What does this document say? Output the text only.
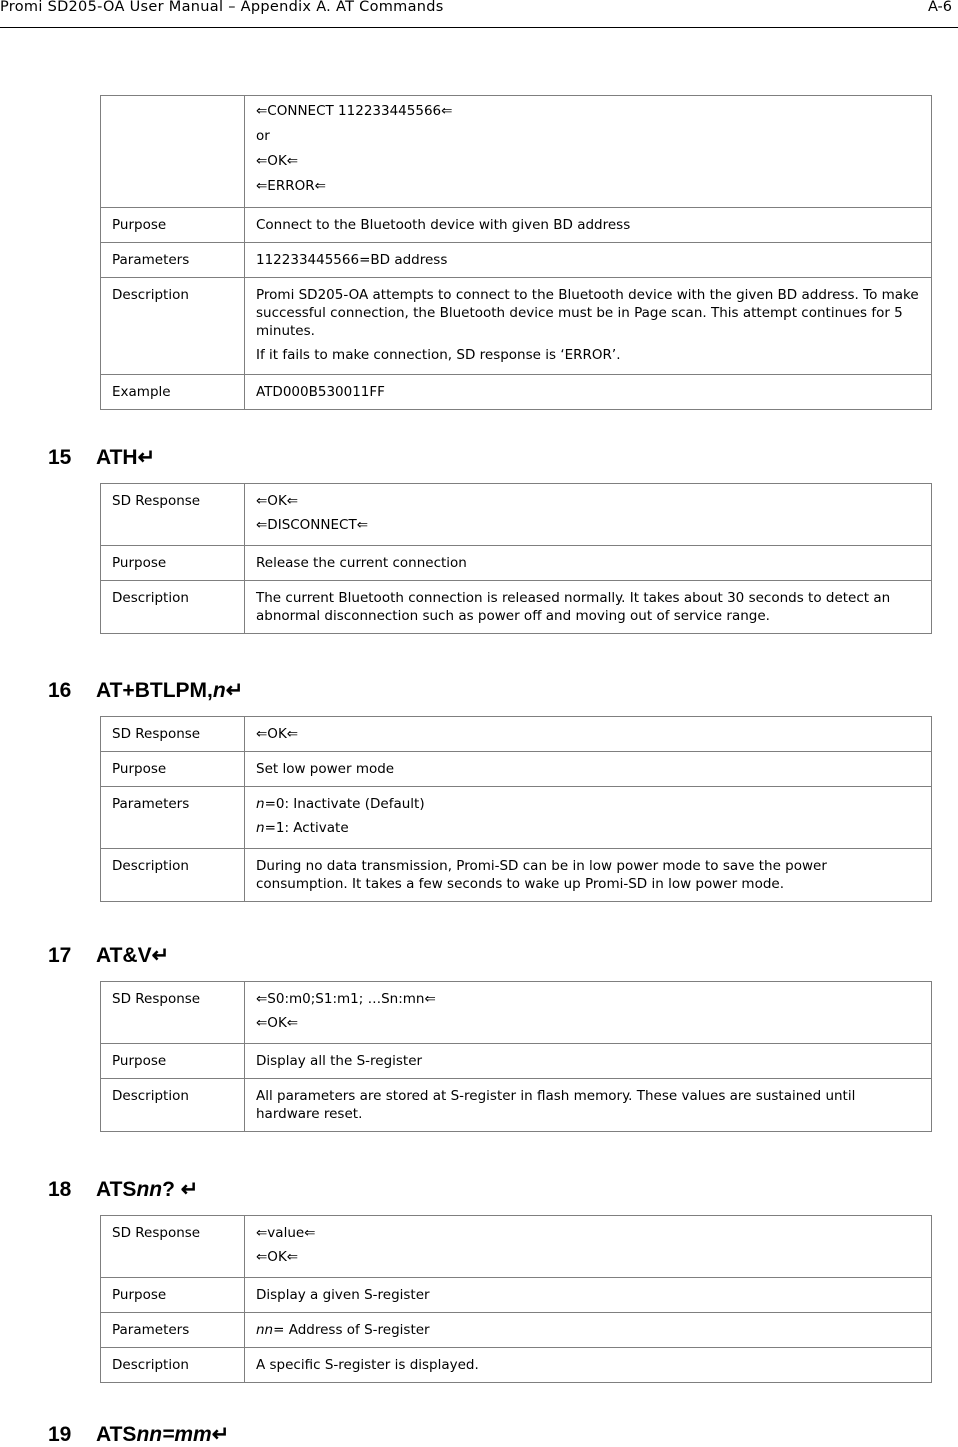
Promi SD205-OA User Manual – Appendix A. AT Commands	A-6

	⇐CONNECT 112233445566⇐
or
⇐OK⇐
⇐ERROR⇐

Purpose	Connect to the Bluetooth device with given BD address
Parameters	112233445566=BD address
Description	Promi SD205-OA attempts to connect to the Bluetooth device with the given BD address. To make successful connection, the Bluetooth device must be in Page scan. This attempt continues for 5 minutes.

If it fails to make connection, SD response is ‘ERROR’.

Example	ATD000B530011FF
15 ATH↵
SD Response	⇐OK⇐
⇐DISCONNECT⇐

Purpose	Release the current connection
Description	The current Bluetooth connection is released normally. It takes about 30 seconds to detect an abnormal disconnection such as power off and moving out of service range.
16 AT+BTLPM,n↵
SD Response	⇐OK⇐
Purpose	Set low power mode
Parameters	n=0: Inactivate (Default)
n=1: Activate

Description	During no data transmission, Promi-SD can be in low power mode to save the power consumption. It takes a few seconds to wake up Promi-SD in low power mode.
17 AT&V↵
SD Response	⇐S0:m0;S1:m1; …Sn:mn⇐
⇐OK⇐

Purpose	Display all the S-register
Description	All parameters are stored at S-register in flash memory. These values are sustained until hardware reset.
18 ATSnn? ↵
SD Response	⇐value⇐
⇐OK⇐

Purpose	Display a given S-register
Parameters	nn= Address of S-register
Description	A specific S-register is displayed.
19 ATSnn=mm↵
